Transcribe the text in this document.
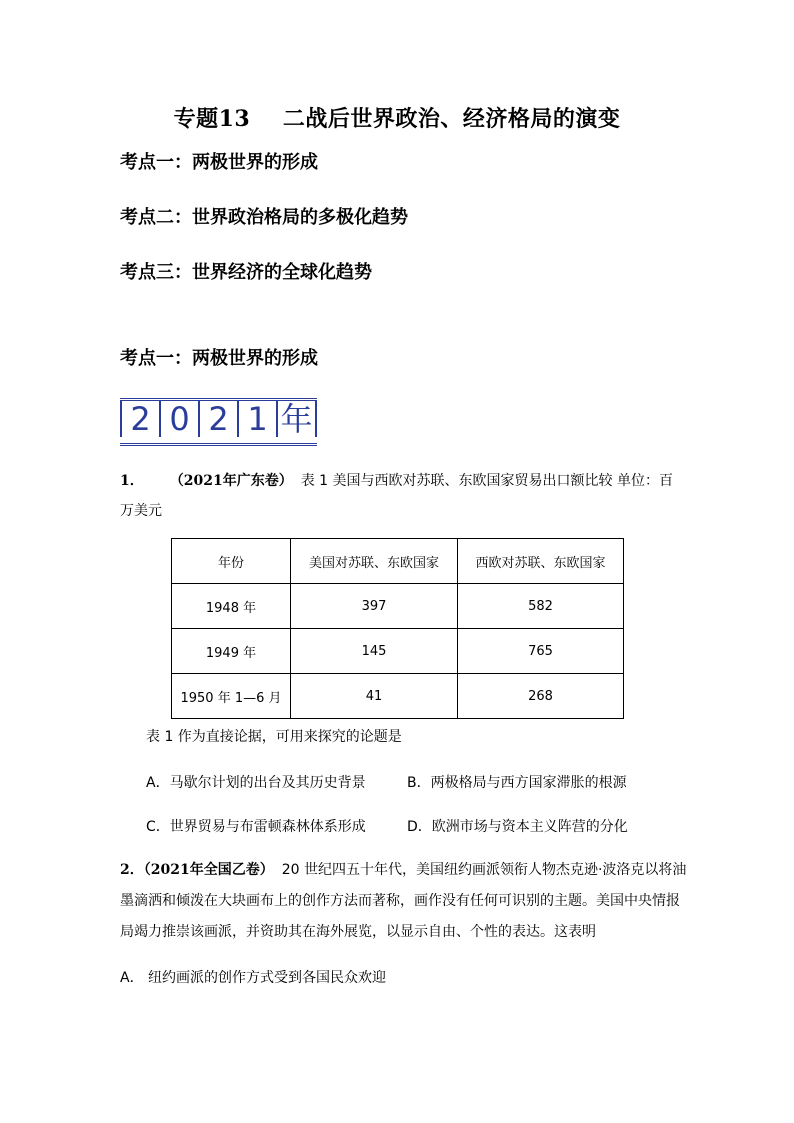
专题13    二战后世界政治、经济格局的演变
考点一：两极世界的形成
考点二：世界政治格局的多极化趋势
考点三：世界经济的全球化趋势
考点一：两极世界的形成
2 0 2 1 年
1． （2021年广东卷） 表 1 美国与西欧对苏联、东欧国家贸易出口额比较 单位：百
万美元
年份	美国对苏联、东欧国家	西欧对苏联、东欧国家
1948 年	397	582
1949 年	145	765
1950 年 1—6 月	41	268
表 1 作为直接论据，可用来探究的论题是
A．马歇尔计划的出台及其历史背景	B．两极格局与西方国家滞胀的根源
C．世界贸易与布雷顿森林体系形成	D．欧洲市场与资本主义阵营的分化
2．（2021年全国乙卷） 20 世纪四五十年代，美国纽约画派领衔人物杰克逊·波洛克以将油
墨滴洒和倾泼在大块画布上的创作方法而著称，画作没有任何可识别的主题。美国中央情报
局竭力推崇该画派，并资助其在海外展览，以显示自由、个性的表达。这表明
A． 纽约画派的创作方式受到各国民众欢迎
